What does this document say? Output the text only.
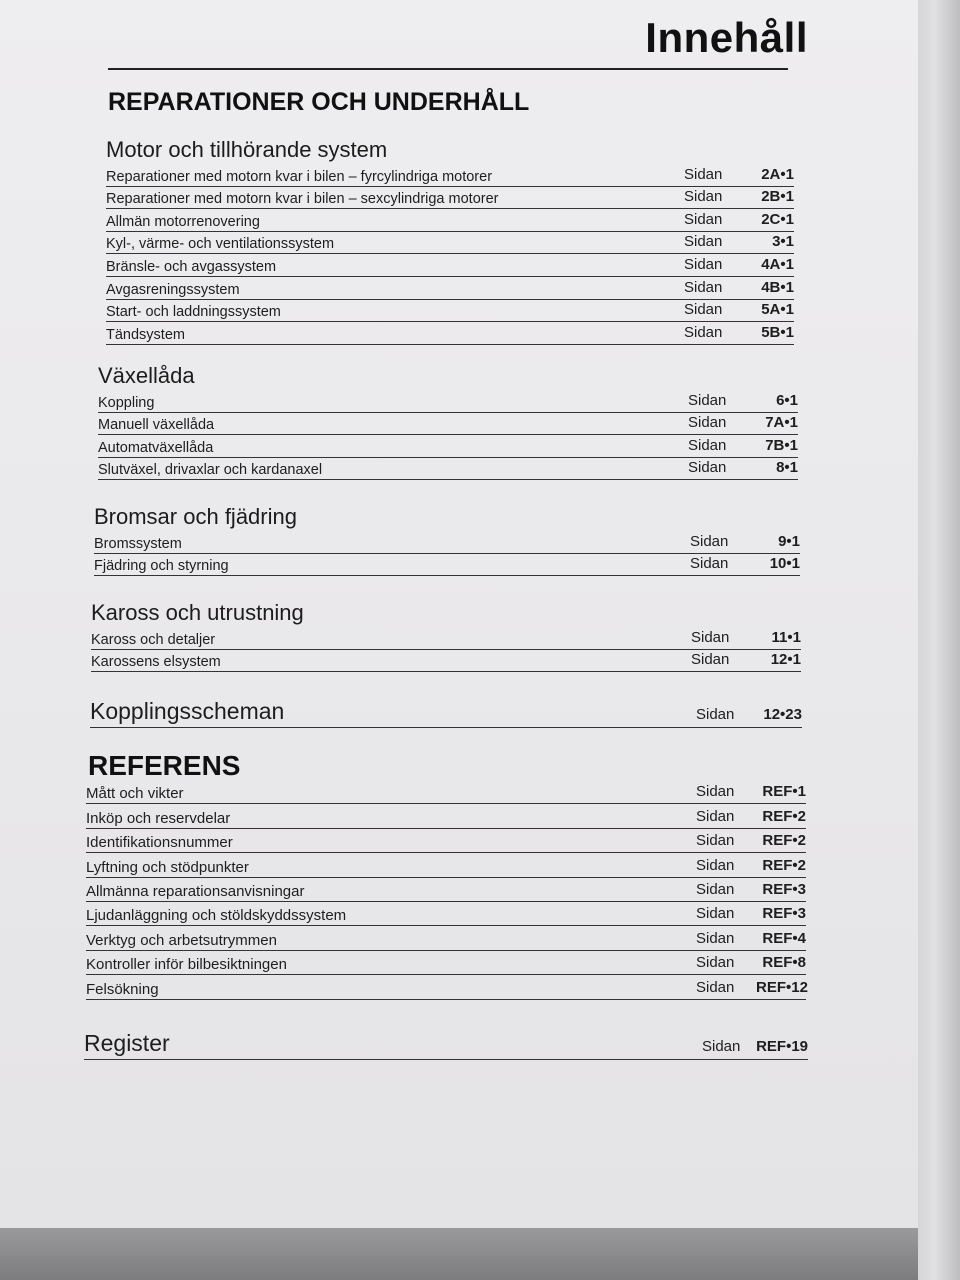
Innehåll
REPARATIONER OCH UNDERHÅLL
Motor och tillhörande system
Reparationer med motorn kvar i bilen – fyrcylindriga motorer	Sidan	2A•1
Reparationer med motorn kvar i bilen – sexcylindriga motorer	Sidan	2B•1
Allmän motorrenovering	Sidan	2C•1
Kyl-, värme- och ventilationssystem	Sidan	3•1
Bränsle- och avgassystem	Sidan	4A•1
Avgasreningssystem	Sidan	4B•1
Start- och laddningssystem	Sidan	5A•1
Tändsystem	Sidan	5B•1
Växellåda
Koppling	Sidan	6•1
Manuell växellåda	Sidan	7A•1
Automatväxellåda	Sidan	7B•1
Slutväxel, drivaxlar och kardanaxel	Sidan	8•1
Bromsar och fjädring
Bromssystem	Sidan	9•1
Fjädring och styrning	Sidan	10•1
Kaross och utrustning
Kaross och detaljer	Sidan	11•1
Karossens elsystem	Sidan	12•1
Kopplingsscheman	Sidan	12•23
REFERENS
Mått och vikter	Sidan	REF•1
Inköp och reservdelar	Sidan	REF•2
Identifikationsnummer	Sidan	REF•2
Lyftning och stödpunkter	Sidan	REF•2
Allmänna reparationsanvisningar	Sidan	REF•3
Ljudanläggning och stöldskyddssystem	Sidan	REF•3
Verktyg och arbetsutrymmen	Sidan	REF•4
Kontroller inför bilbesiktningen	Sidan	REF•8
Felsökning	Sidan	REF•12
Register	Sidan	REF•19
